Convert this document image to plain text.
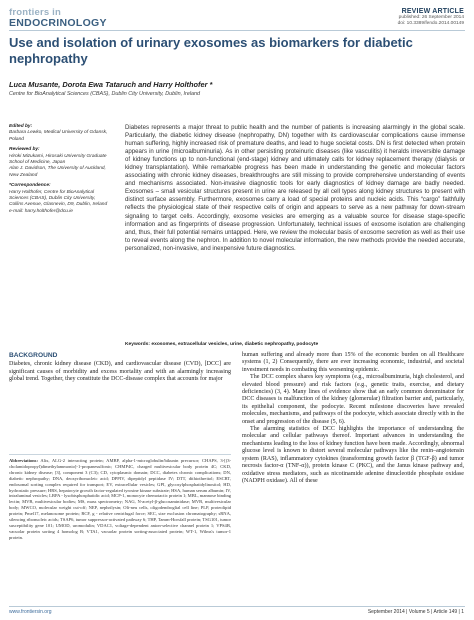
frontiers in
ENDOCRINOLOGY
REVIEW ARTICLE
published: 26 September 2014
doi: 10.3389/fendo.2014.00149
Use and isolation of urinary exosomes as biomarkers for diabetic nephropathy
Luca Musante, Dorota Ewa Tataruch and Harry Holthofer *
Centre for BioAnalytical Sciences (CBAS), Dublin City University, Dublin, Ireland
Edited by:

Barbara Lewko, Medical University of Gdansk, Poland

Reviewed by:

Hiroki Mizukami, Hirosaki University Graduate School of Medicine, Japan
Alan J. Davidson, The University of Auckland, New Zealand

*Correspondence:

Harry Holthofer, Centre for BioAnalytical Sciences (CBAS), Dublin City University, Collins Avenue, Glasnevin, D9, Dublin, Ireland
e-mail: harry.holthofer@dcu.ie

Diabetes represents a major threat to public health and the number of patients is increasing alarmingly in the global scale. Particularly, the diabetic kidney disease (nephropathy, DN) together with its cardiovascular complications cause immense human suffering, highly increased risk of premature deaths, and lead to huge societal costs. DN is first detected when protein appears in urine (microalbuminuria). As in other persisting proteinuric diseases (like vasculitis) it heralds irreversible damage of kidney functions up to non-functional (end-stage) kidney and ultimately calls for kidney replacement therapy (dialysis or kidney transplantation). While remarkable progress has been made in understanding the genetic and molecular factors associating with chronic kidney diseases, breakthroughs are still missing to provide comprehensive understanding of events and mechanisms associated. Non-invasive diagnostic tools for early diagnostics of kidney damage are badly needed. Exosomes – small vesicular structures present in urine are released by all cell types along kidney structures to present with distinct surface assembly. Furthermore, exosomes carry a load of special proteins and nucleic acids. This “cargo” faithfully reflects the physiological state of their respective cells of origin and appears to serve as a new pathway for down-stream signaling to target cells. Accordingly, exosome vesicles are emerging as a valuable source for disease stage-specific information and as fingerprints of disease progression. Unfortunately, technical issues of exosome isolation are challenging and, thus, their full potential remains untapped. Here, we review the molecular basis of exosome secretion as well as their use to reveal events along the nephron. In addition to novel molecular information, the new methods provide the needed accurate, personalized, non-invasive, and inexpensive future diagnostics.
Keywords: exosomes, extracellular vesicles, urine, diabetic nephropathy, podocyte
BACKGROUND

Diabetes, chronic kidney disease (CKD), and cardiovascular disease (CVD), [DCC] are significant causes of morbidity and excess mortality and with an alarmingly increasing global trend. Together, they constitute the DCC-disease complex that accounts for major

Abbreviations: Alix, ALG-2 interacting protein; AMBP, alpha-1-microglobulin/bikunin precursor; CHAPS, 3-[(3-cholamidopropyl)dimethylammonio]-1-propanesulfonic; CHMP4C, charged multivesicular body protein 4C; CKD, chronic kidney disease; [3], component 3 (C3); CD, cytoplasmic domain; DCC, diabetes chronic complications; DN, diabetic nephropathy; DNA, deoxyribonucleic acid; DPPIV, dipeptidyl peptidase IV; DTT, dithiothreitol; ESCRT, endosomal sorting complex required for transport; EV, extracellular vesicles; GPI, glycosylphosphatidylinositol; HD, hydrostatic pressure; HRS, hepatocyte growth factor-regulated tyrosine kinase substrate; HSA, human serum albumin; IV, intraluminal vesicles; LBPA - lysobisphosphatidic acid; MCP-1, monocyte chemotactic protein 1; MBL, mannose binding lectin; MVB, multivesicular bodies; MS, mass spectrometry; NAG, N-acetyl-β-glucosaminidase; MVB, multivesicular body; MWCO, molecular weight cut-off; NEP, nephrilysin; Oli-neu cells, oligodendroglial cell line; PLP, proteolipid protein; Pmel17, melanosome protein; RCF, g - relative centrifugal force; SEC, size exclusion chromatography; sRNA, silencing ribonucleic acids; TSAP6, tumor suppressor-activated pathway 6; THP, Tamm-Horsfall protein; TSG101, tumor susceptibility gene 101; UMOD, uromodulin; VDAC1, voltage-dependent anion-selective channel protein 1; VPS4B, vacuolar protein sorting 4 homolog B; VTA1, vacuolar protein sorting-associated protein; WT-1, Wilms's tumor-1 protein.

human suffering and already more than 15% of the economic burden on all Healthcare systems (1, 2) Consequently, there are ever increasing economic, industrial, and societal investment needs in combating this worsening epidemic.

The DCC complex shares key symptoms (e.g., microalbuminuria, high cholesterol, and elevated blood pressure) and risk factors (e.g., genetic traits, exercise, and dietary deficiencies) (3, 4). Many lines of evidence show that an early common denominator for DCC diseases is malfunction of the kidney (glomerular) filtration barrier and, particularly, its epithelial component, the podocyte. Recent milestone discoveries have revealed molecules, mechanisms, and pathways of the podocyte, which associate directly with in the onset and progression of the disease (5, 6).

The alarming statistics of DCC highlights the importance of understanding the molecular and cellular pathways thereof. Important advances in understanding the mechanisms leading to the loss of kidney function have been made. Accordingly, abnormal glucose level is known to distort several molecular pathways like the renin–angiotensin system (RAS), inflammatory cytokines (transforming growth factor β (TGF-β) and tumor necrosis factor-α (TNF-α)), protein kinase C (PKC), and the Janus kinase pathway and, oxidative stress mediators, such as nicotinamide adenine dinucleotide phosphate oxidase (NADPH oxidase). All of these

www.frontiersin.org	September 2014 | Volume 5 | Article 149 | 1
